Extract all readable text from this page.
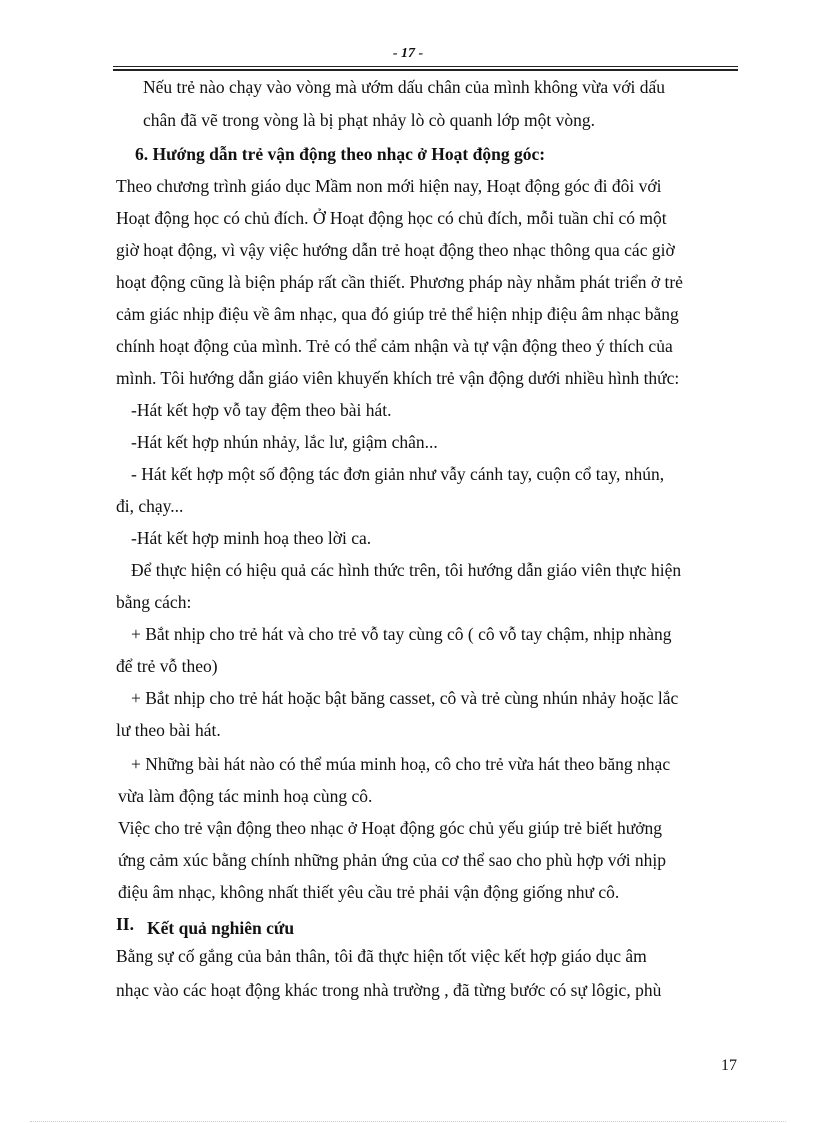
- 17 -
Nếu trẻ nào chạy vào vòng mà ướm dấu chân của mình không vừa với dấu
chân đã vẽ trong vòng là bị phạt nhảy lò cò quanh lớp một vòng.
6. Hướng dẫn trẻ vận động theo nhạc ở Hoạt động góc:
Theo chương trình giáo dục Mầm non mới hiện nay, Hoạt động góc đi đôi với
Hoạt động học có chủ đích. Ở Hoạt động học có chủ đích, mỗi tuần chỉ có một
giờ hoạt động, vì vậy việc hướng dẫn trẻ hoạt động theo nhạc thông qua các giờ
hoạt động cũng là biện pháp rất cần thiết. Phương pháp này nhằm phát triển ở trẻ
cảm giác nhịp điệu về âm nhạc, qua đó giúp trẻ thể hiện nhịp điệu âm nhạc bằng
chính hoạt động của mình. Trẻ có thể cảm nhận và tự vận động theo ý thích của
mình. Tôi hướng dẫn giáo viên khuyến khích trẻ vận động dưới nhiều hình thức:
-Hát kết hợp vỗ tay đệm theo bài hát.
-Hát kết hợp nhún nhảy, lắc lư, giậm chân...
- Hát kết hợp một số động tác đơn giản như vẫy cánh tay, cuộn cổ tay, nhún,
đi, chạy...
-Hát kết hợp minh hoạ theo lời ca.
Để thực hiện có hiệu quả các hình thức trên, tôi hướng dẫn giáo viên thực hiện
bằng cách:
+ Bắt nhịp cho trẻ hát và cho trẻ vỗ tay cùng cô ( cô vỗ tay chậm, nhịp nhàng
để trẻ vỗ theo)
+ Bắt nhịp cho trẻ hát hoặc bật băng casset, cô và trẻ cùng nhún nhảy hoặc lắc
lư theo bài hát.
+ Những bài hát nào có thể múa minh hoạ, cô cho trẻ vừa hát theo băng nhạc
vừa làm động tác minh hoạ cùng cô.
Việc cho trẻ vận động theo nhạc ở Hoạt động góc chủ yếu giúp trẻ biết hưởng
ứng cảm xúc bằng chính những phản ứng của cơ thể sao cho phù hợp với nhịp
điệu âm nhạc, không nhất thiết yêu cầu trẻ phải vận động giống như cô.
II. Kết quả nghiên cứu
Bằng sự cố gắng của bản thân, tôi đã thực hiện tốt việc kết hợp giáo dục âm
nhạc vào các hoạt động khác trong nhà trường , đã từng bước có sự lôgic, phù
17
